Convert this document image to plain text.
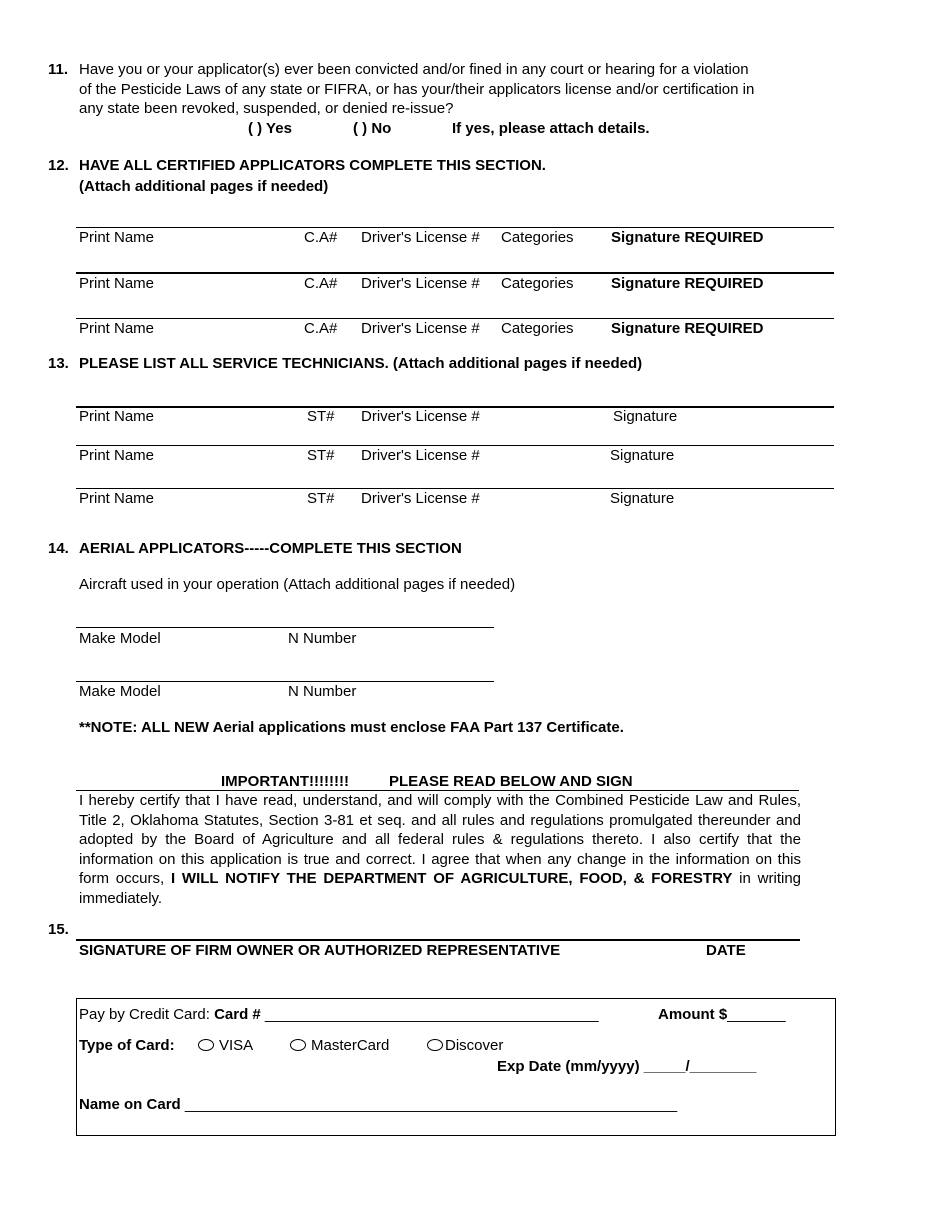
11. Have you or your applicator(s) ever been convicted and/or fined in any court or hearing for a violation
of the Pesticide Laws of any state or FIFRA, or has your/their applicators license and/or certification in
any state been revoked, suspended, or denied re-issue?
( ) Yes	( ) No	If yes, please attach details.
12. HAVE ALL CERTIFIED APPLICATORS COMPLETE THIS SECTION.
(Attach additional pages if needed)
Print Name	C.A# Driver's License # Categories Signature REQUIRED
Print Name	C.A# Driver's License # Categories Signature REQUIRED
Print Name	C.A# Driver's License # Categories Signature REQUIRED
13. PLEASE LIST ALL SERVICE TECHNICIANS. (Attach additional pages if needed)
Print Name	ST# Driver's License #	Signature
Print Name	ST# Driver's License #	Signature
Print Name	ST# Driver's License #	Signature
14. AERIAL APPLICATORS-----COMPLETE THIS SECTION
Aircraft used in your operation (Attach additional pages if needed)
Make Model	N Number
Make Model	N Number
**NOTE: ALL NEW Aerial applications must enclose FAA Part 137 Certificate.
IMPORTANT!!!!!!!!	PLEASE READ BELOW AND SIGN
I hereby certify that I have read, understand, and will comply with the Combined Pesticide Law and Rules, Title 2, Oklahoma Statutes, Section 3-81 et seq. and all rules and regulations promulgated thereunder and adopted by the Board of Agriculture and all federal rules & regulations thereto. I also certify that the information on this application is true and correct. I agree that when any change in the information on this form occurs, I WILL NOTIFY THE DEPARTMENT OF AGRICULTURE, FOOD, & FORESTRY in writing immediately.
15.
SIGNATURE OF FIRM OWNER OR AUTHORIZED REPRESENTATIVE	DATE
Pay by Credit Card: Card # ________________________________________	Amount $_______
Type of Card:	VISA	MasterCard	Discover
Exp Date (mm/yyyy) _____/________
Name on Card ___________________________________________________________
